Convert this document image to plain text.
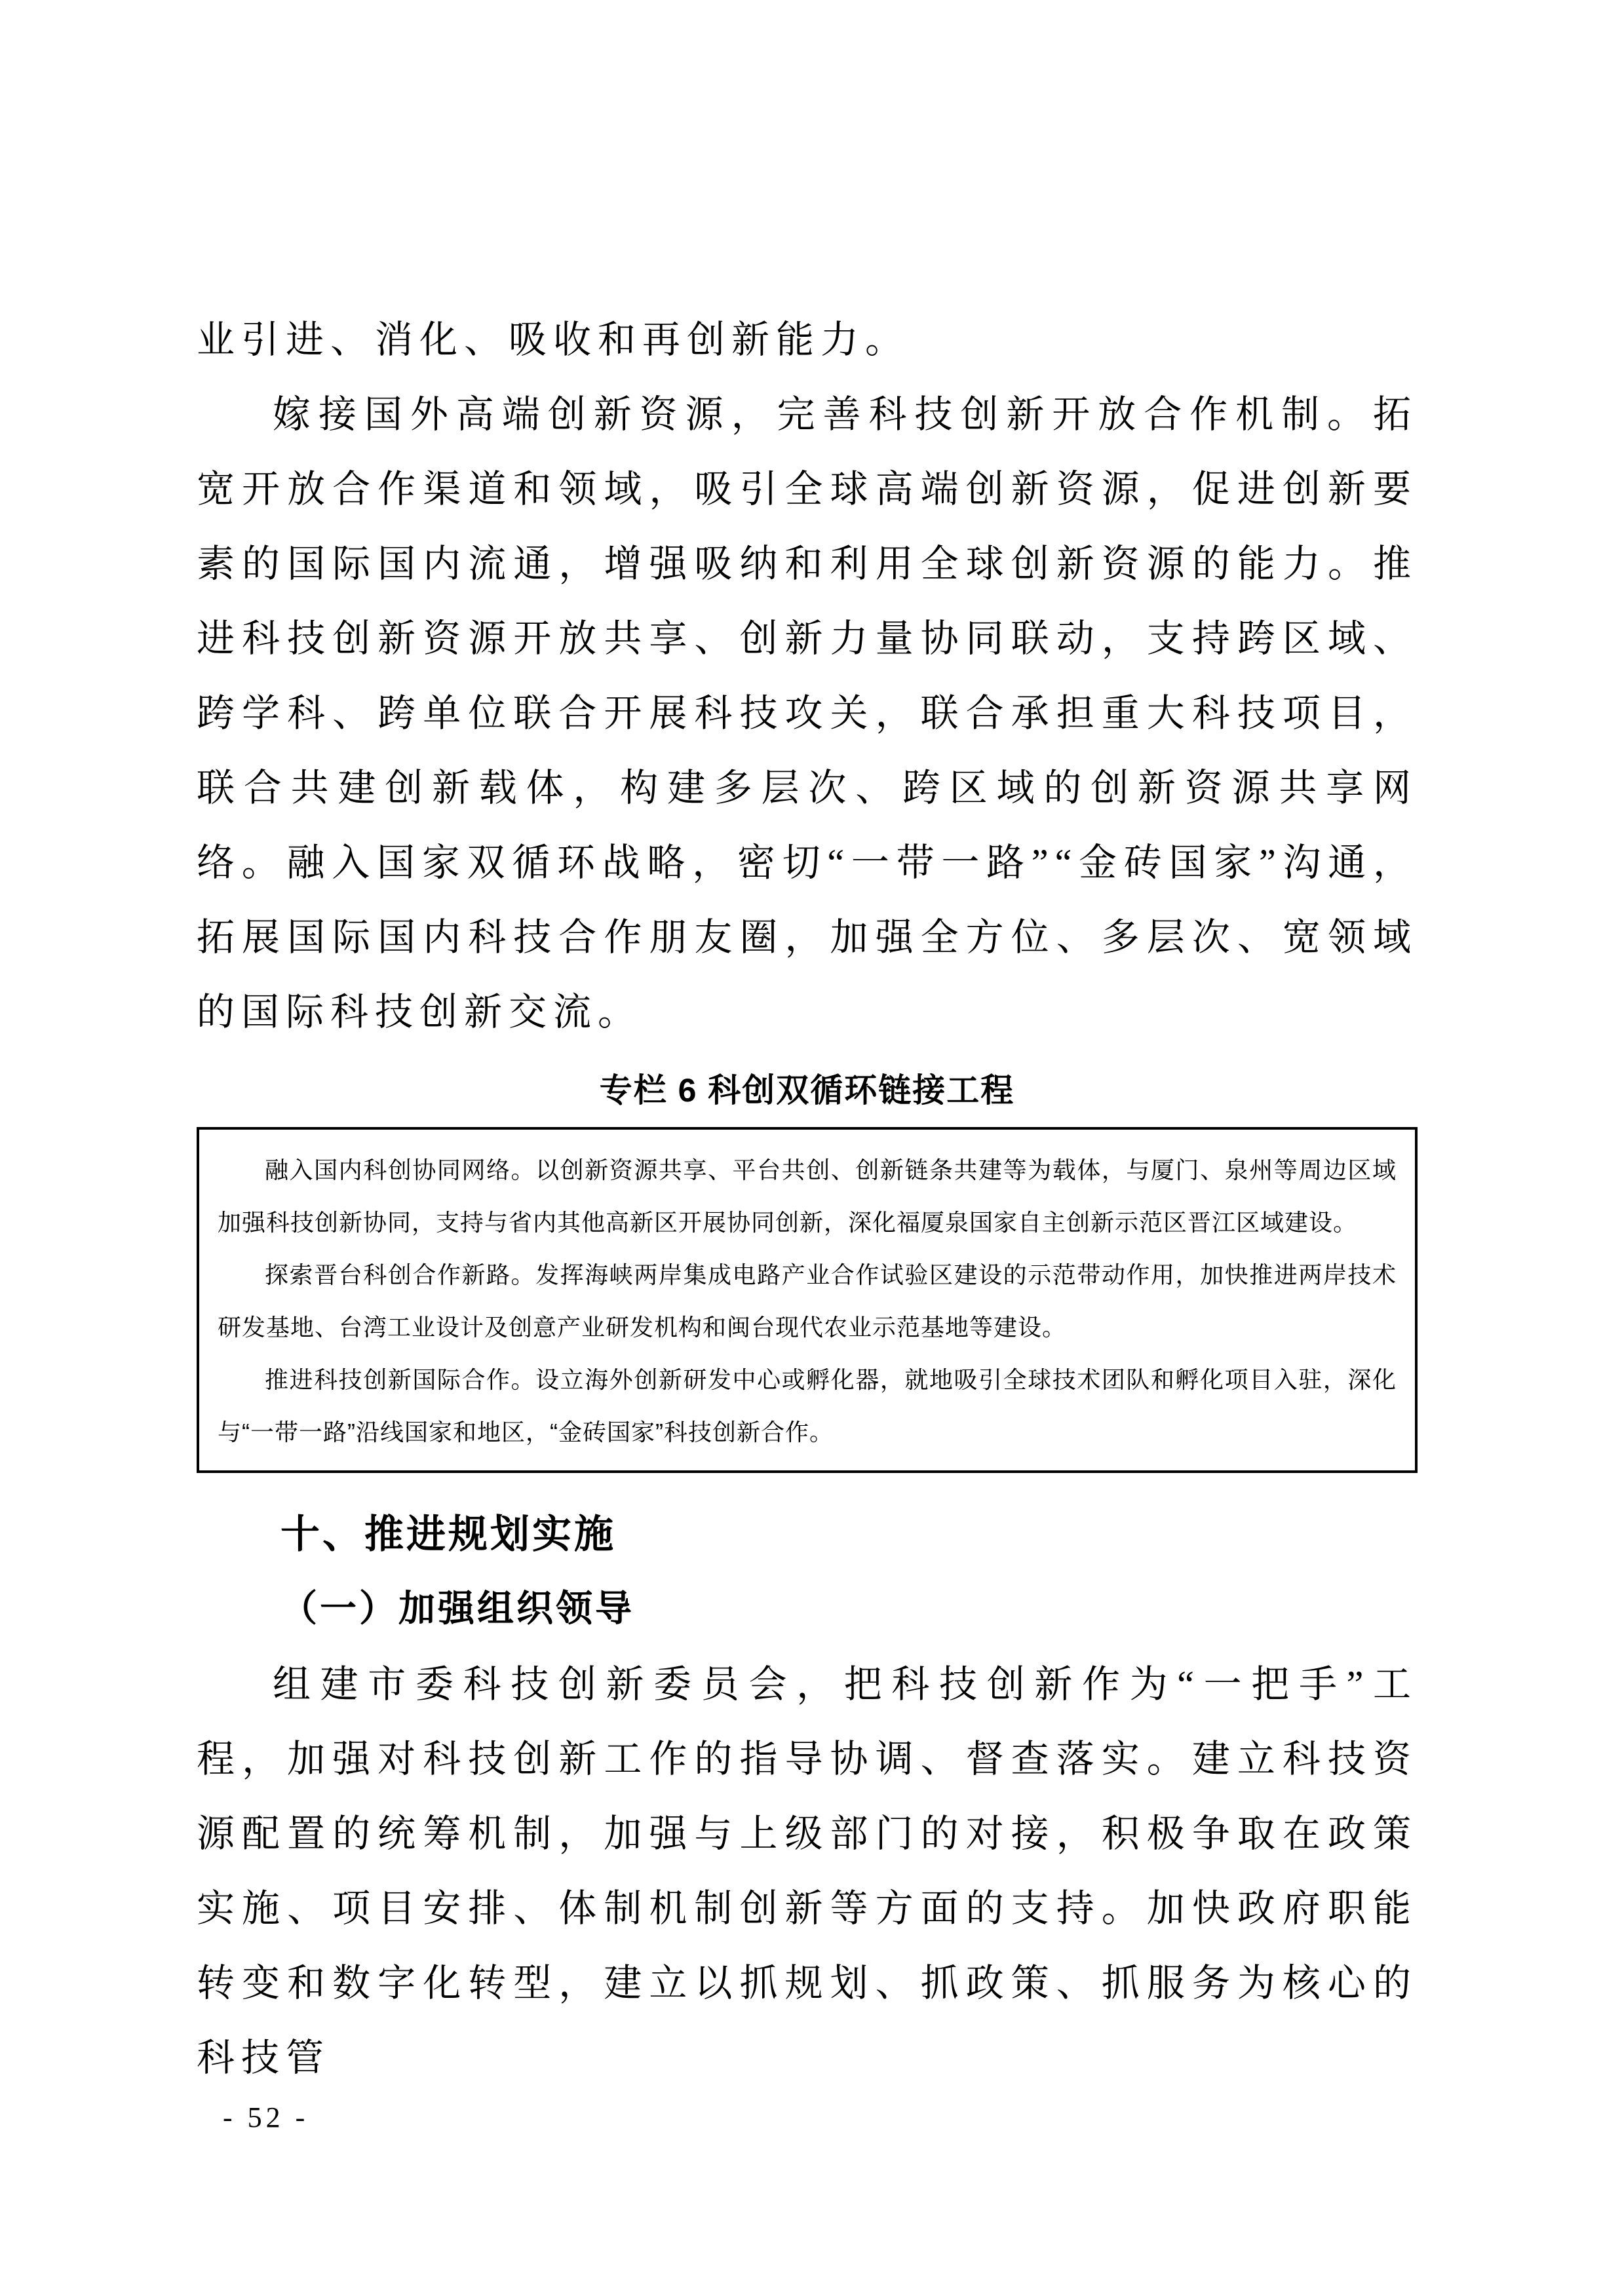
业引进、消化、吸收和再创新能力。

嫁接国外高端创新资源，完善科技创新开放合作机制。拓宽开放合作渠道和领域，吸引全球高端创新资源，促进创新要素的国际国内流通，增强吸纳和利用全球创新资源的能力。推进科技创新资源开放共享、创新力量协同联动，支持跨区域、跨学科、跨单位联合开展科技攻关，联合承担重大科技项目，联合共建创新载体，构建多层次、跨区域的创新资源共享网络。融入国家双循环战略，密切“一带一路”“金砖国家”沟通，拓展国际国内科技合作朋友圈，加强全方位、多层次、宽领域的国际科技创新交流。

专栏 6 科创双循环链接工程

融入国内科创协同网络。以创新资源共享、平台共创、创新链条共建等为载体，与厦门、泉州等周边区域加强科技创新协同，支持与省内其他高新区开展协同创新，深化福厦泉国家自主创新示范区晋江区域建设。

探索晋台科创合作新路。发挥海峡两岸集成电路产业合作试验区建设的示范带动作用，加快推进两岸技术研发基地、台湾工业设计及创意产业研发机构和闽台现代农业示范基地等建设。

推进科技创新国际合作。设立海外创新研发中心或孵化器，就地吸引全球技术团队和孵化项目入驻，深化与“一带一路”沿线国家和地区，“金砖国家”科技创新合作。

十、推进规划实施
（一）加强组织领导

组建市委科技创新委员会，把科技创新作为“一把手”工程，加强对科技创新工作的指导协调、督查落实。建立科技资源配置的统筹机制，加强与上级部门的对接，积极争取在政策实施、项目安排、体制机制创新等方面的支持。加快政府职能转变和数字化转型，建立以抓规划、抓政策、抓服务为核心的科技管

- 52 -
